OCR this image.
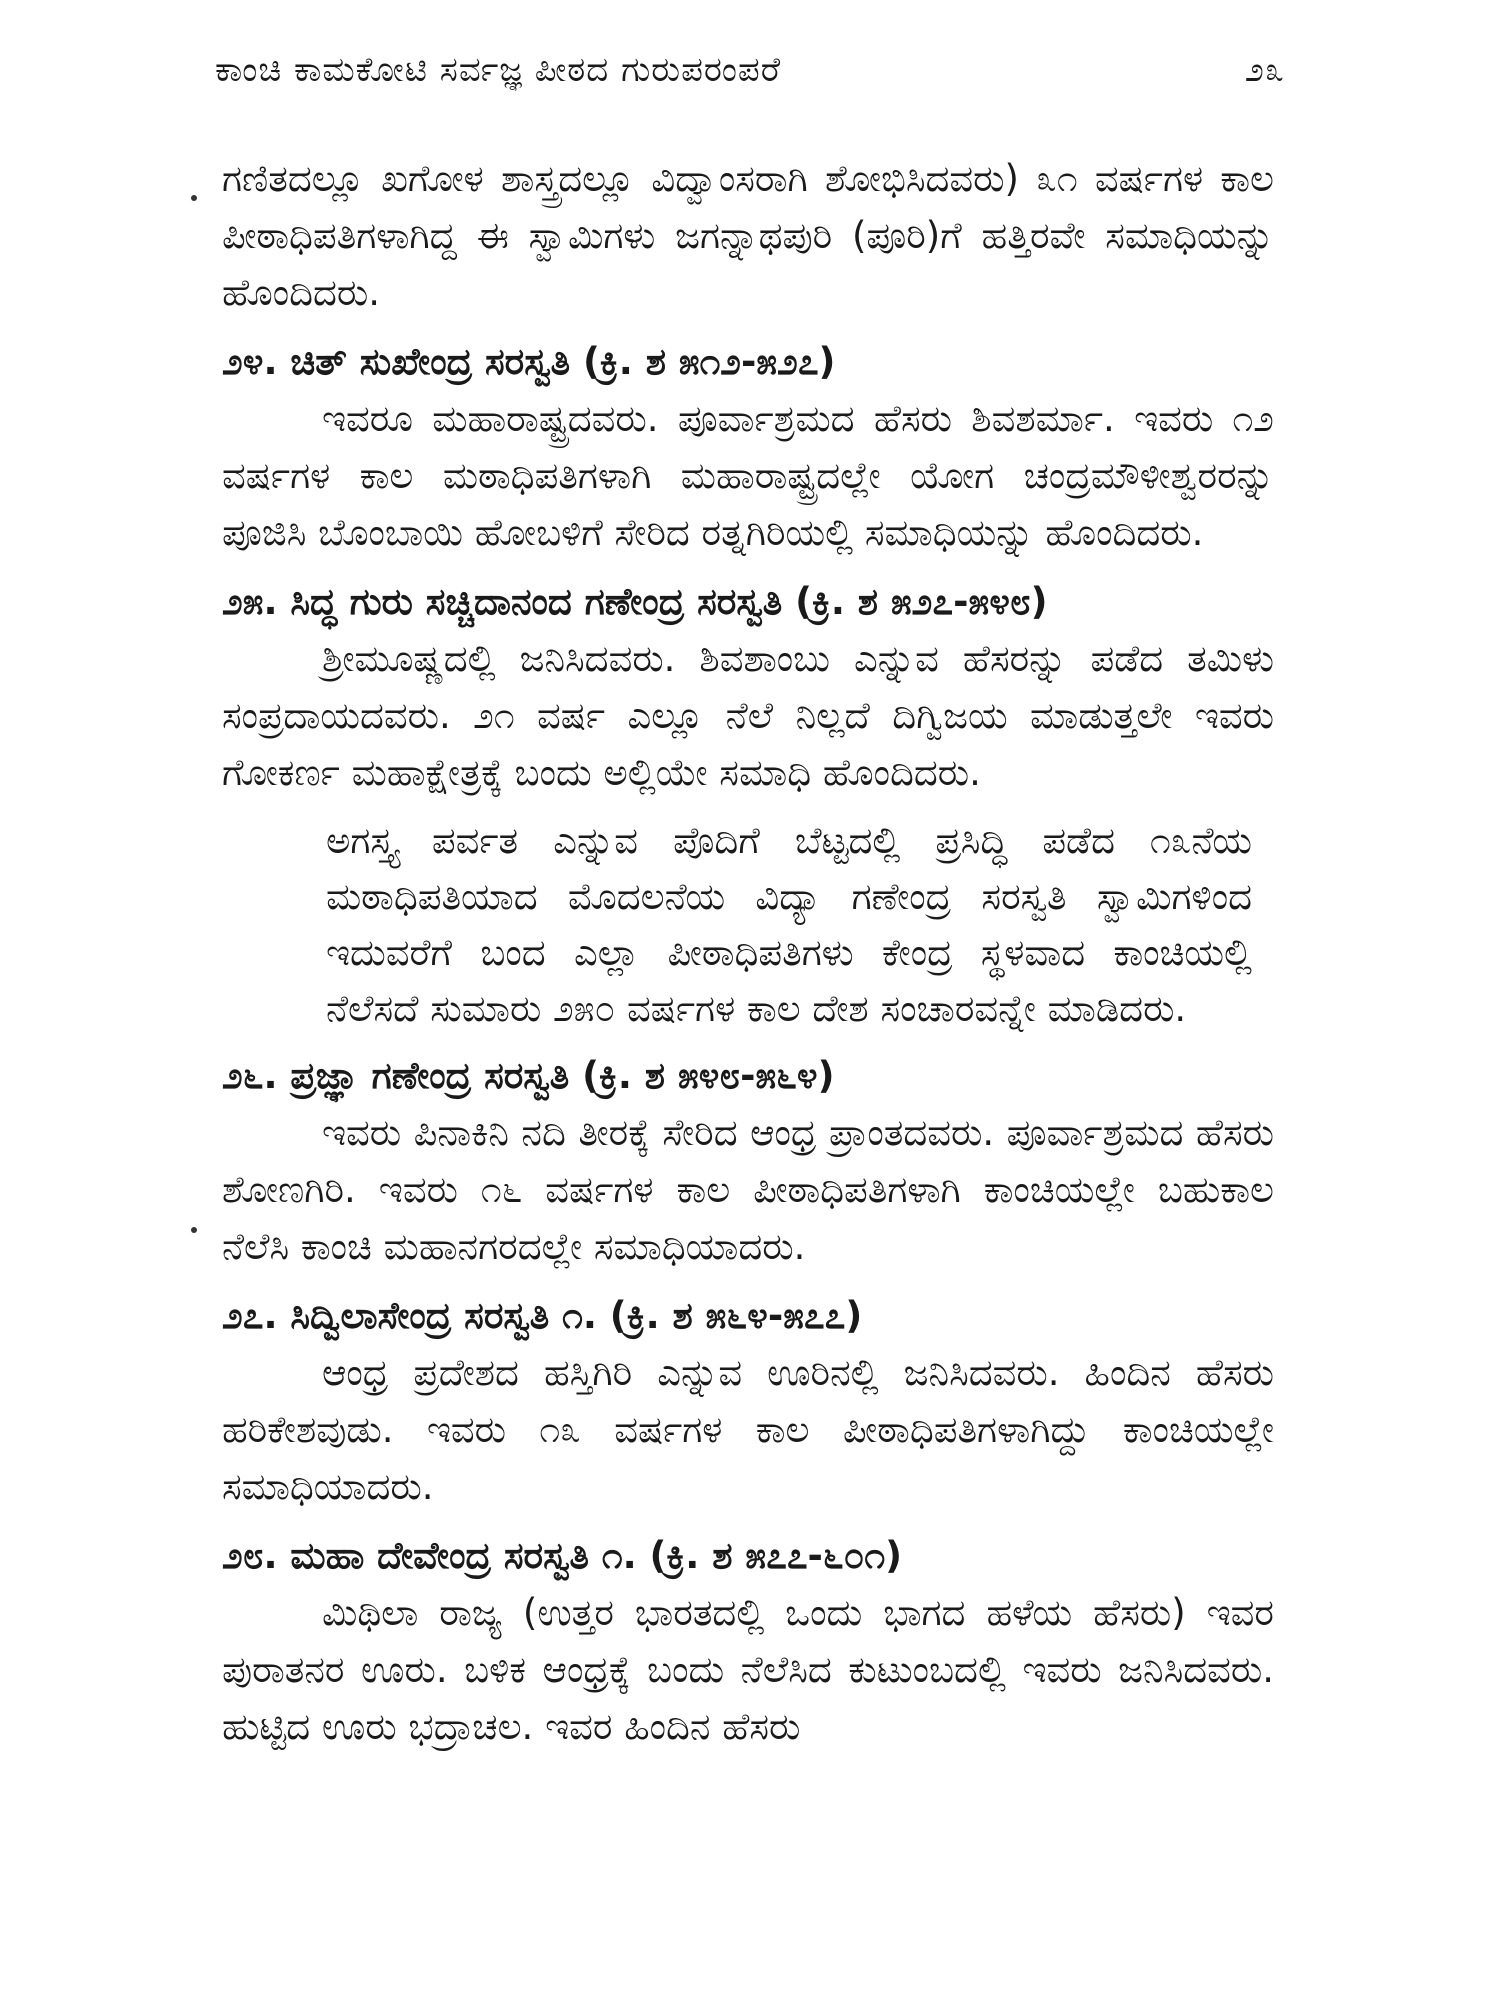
ಕಾಂಚಿ ಕಾಮಕೋಟಿ ಸರ್ವಜ್ಞ ಪೀಠದ ಗುರುಪರಂಪರೆ	೨೩

ಗಣಿತದಲ್ಲೂ ಖಗೋಳ ಶಾಸ್ತ್ರದಲ್ಲೂ ವಿದ್ವಾಂಸರಾಗಿ ಶೋಭಿಸಿದವರು) ೩೧ ವರ್ಷಗಳ ಕಾಲ ಪೀಠಾಧಿಪತಿಗಳಾಗಿದ್ದ ಈ ಸ್ವಾಮಿಗಳು ಜಗನ್ನಾಥಪುರಿ (ಪೂರಿ)ಗೆ ಹತ್ತಿರವೇ ಸಮಾಧಿಯನ್ನು ಹೊಂದಿದರು.

೨೪. ಚಿತ್ ಸುಖೇಂದ್ರ ಸರಸ್ವತಿ (ಕ್ರಿ. ಶ ೫೧೨-೫೨೭)

ಇವರೂ ಮಹಾರಾಷ್ಟ್ರದವರು. ಪೂರ್ವಾಶ್ರಮದ ಹೆಸರು ಶಿವಶರ್ಮಾ. ಇವರು ೧೨ ವರ್ಷಗಳ ಕಾಲ ಮಠಾಧಿಪತಿಗಳಾಗಿ ಮಹಾರಾಷ್ಟ್ರದಲ್ಲೇ ಯೋಗ ಚಂದ್ರಮೌಳೀಶ್ವರರನ್ನು ಪೂಜಿಸಿ ಬೊಂಬಾಯಿ ಹೋಬಳಿಗೆ ಸೇರಿದ ರತ್ನಗಿರಿಯಲ್ಲಿ ಸಮಾಧಿಯನ್ನು ಹೊಂದಿದರು.

೨೫. ಸಿದ್ಧ ಗುರು ಸಚ್ಚಿದಾನಂದ ಗಣೇಂದ್ರ ಸರಸ್ವತಿ (ಕ್ರಿ. ಶ ೫೨೭-೫೪೮)

ಶ್ರೀಮೂಷ್ಣದಲ್ಲಿ ಜನಿಸಿದವರು. ಶಿವಶಾಂಬು ಎನ್ನುವ ಹೆಸರನ್ನು ಪಡೆದ ತಮಿಳು ಸಂಪ್ರದಾಯದವರು. ೨೧ ವರ್ಷ ಎಲ್ಲೂ ನೆಲೆ ನಿಲ್ಲದೆ ದಿಗ್ವಿಜಯ ಮಾಡುತ್ತಲೇ ಇವರು ಗೋಕರ್ಣ ಮಹಾಕ್ಷೇತ್ರಕ್ಕೆ ಬಂದು ಅಲ್ಲಿಯೇ ಸಮಾಧಿ ಹೊಂದಿದರು.

ಅಗಸ್ತ್ಯ ಪರ್ವತ ಎನ್ನುವ ಪೊದಿಗೆ ಬೆಟ್ಟದಲ್ಲಿ ಪ್ರಸಿದ್ಧಿ ಪಡೆದ ೧೩ನೆಯ ಮಠಾಧಿಪತಿಯಾದ ಮೊದಲನೆಯ ವಿದ್ಯಾ ಗಣೇಂದ್ರ ಸರಸ್ವತಿ ಸ್ವಾಮಿಗಳಿಂದ ಇದುವರೆಗೆ ಬಂದ ಎಲ್ಲಾ ಪೀಠಾಧಿಪತಿಗಳು ಕೇಂದ್ರ ಸ್ಥಳವಾದ ಕಾಂಚಿಯಲ್ಲಿ ನೆಲೆಸದೆ ಸುಮಾರು ೨೫೦ ವರ್ಷಗಳ ಕಾಲ ದೇಶ ಸಂಚಾರವನ್ನೇ ಮಾಡಿದರು.

೨೬. ಪ್ರಜ್ಞಾ ಗಣೇಂದ್ರ ಸರಸ್ವತಿ (ಕ್ರಿ. ಶ ೫೪೮-೫೬೪)

ಇವರು ಪಿನಾಕಿನಿ ನದಿ ತೀರಕ್ಕೆ ಸೇರಿದ ಆಂಧ್ರ ಪ್ರಾಂತದವರು. ಪೂರ್ವಾಶ್ರಮದ ಹೆಸರು ಶೋಣಗಿರಿ. ಇವರು ೧೬ ವರ್ಷಗಳ ಕಾಲ ಪೀಠಾಧಿಪತಿಗಳಾಗಿ ಕಾಂಚಿಯಲ್ಲೇ ಬಹುಕಾಲ ನೆಲೆಸಿ ಕಾಂಚಿ ಮಹಾನಗರದಲ್ಲೇ ಸಮಾಧಿಯಾದರು.

೨೭. ಸಿದ್ವಿಲಾಸೇಂದ್ರ ಸರಸ್ವತಿ ೧. (ಕ್ರಿ. ಶ ೫೬೪-೫೭೭)

ಆಂಧ್ರ ಪ್ರದೇಶದ ಹಸ್ತಿಗಿರಿ ಎನ್ನುವ ಊರಿನಲ್ಲಿ ಜನಿಸಿದವರು. ಹಿಂದಿನ ಹೆಸರು ಹರಿಕೇಶವುಡು. ಇವರು ೧೩ ವರ್ಷಗಳ ಕಾಲ ಪೀಠಾಧಿಪತಿಗಳಾಗಿದ್ದು ಕಾಂಚಿಯಲ್ಲೇ ಸಮಾಧಿಯಾದರು.

೨೮. ಮಹಾ ದೇವೇಂದ್ರ ಸರಸ್ವತಿ ೧. (ಕ್ರಿ. ಶ ೫೭೭-೬೦೧)

ಮಿಥಿಲಾ ರಾಜ್ಯ (ಉತ್ತರ ಭಾರತದಲ್ಲಿ ಒಂದು ಭಾಗದ ಹಳೆಯ ಹೆಸರು) ಇವರ ಪುರಾತನರ ಊರು. ಬಳಿಕ ಆಂಧ್ರಕ್ಕೆ ಬಂದು ನೆಲೆಸಿದ ಕುಟುಂಬದಲ್ಲಿ ಇವರು ಜನಿಸಿದವರು. ಹುಟ್ಟಿದ ಊರು ಭದ್ರಾಚಲ. ಇವರ ಹಿಂದಿನ ಹೆಸರು
